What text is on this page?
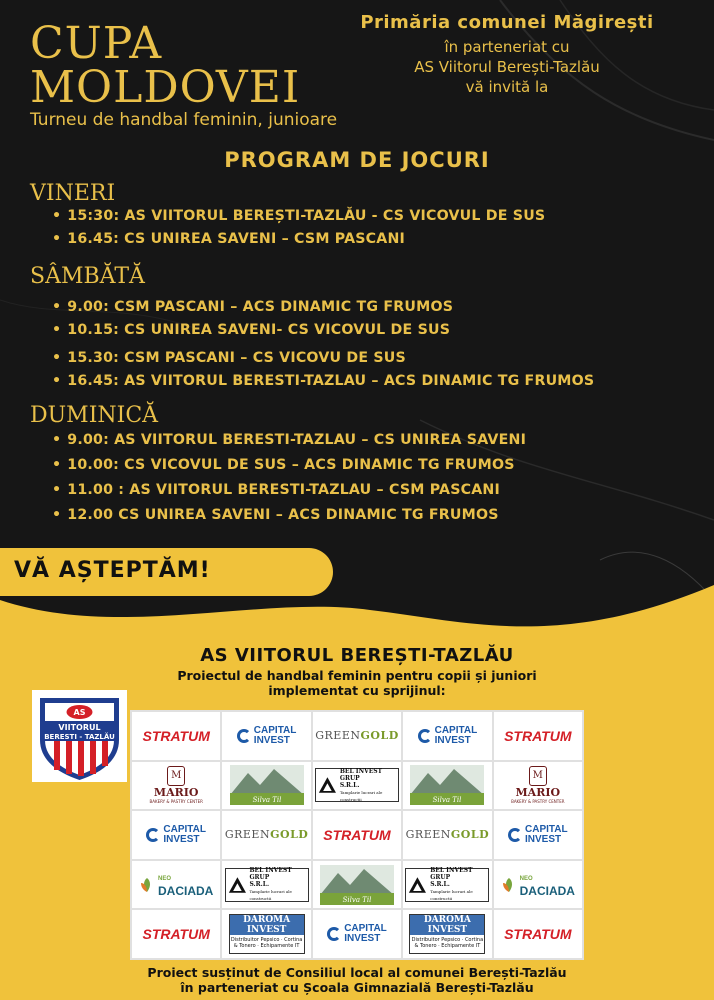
CUPA
MOLDOVEI
Turneu de handbal feminin, junioare
Primăria comunei Măgirești
în parteneriat cu
AS Viitorul Berești-Tazlău
vă invită la
PROGRAM DE JOCURI
VINERI
• 15:30: AS VIITORUL BEREȘTI-TAZLĂU - CS VICOVUL DE SUS
• 16.45: CS UNIREA SAVENI – CSM PASCANI
SÂMBĂTĂ
• 9.00: CSM PASCANI – ACS DINAMIC TG FRUMOS
• 10.15: CS UNIREA SAVENI- CS VICOVUL DE SUS
• 15.30: CSM PASCANI – CS VICOVU DE SUS
• 16.45: AS VIITORUL BERESTI-TAZLAU – ACS DINAMIC TG FRUMOS
DUMINICĂ
• 9.00: AS VIITORUL BERESTI-TAZLAU – CS UNIREA SAVENI
• 10.00: CS VICOVUL DE SUS – ACS DINAMIC TG FRUMOS
• 11.00 : AS VIITORUL BERESTI-TAZLAU – CSM PASCANI
• 12.00 CS UNIREA SAVENI – ACS DINAMIC TG FRUMOS
VĂ AȘTEPTĂM!
AS VIITORUL BEREȘTI-TAZLĂU
Proiectul de handbal feminin pentru copii și juniori
implementat cu sprijinul:
AS
VIITORUL
BERESTI - TAZLĂU STRATUM	CAPITAL
INVEST	GREENGOLD	CAPITAL
INVEST	STRATUM
M
MARIO
BAKERY & PASTRY CENTER	Silva Til
BEL INVEST GRUP
S.R.L.
Tamplarie lucrari ale constructii	Silva Til
M
MARIO
BAKERY & PASTRY CENTER
CAPITAL
INVEST	GREENGOLD STRATUM GREENGOLD	CAPITAL
INVEST
NEO
DACIADA
BEL INVEST GRUP
S.R.L.
Tamplarie lucrari ale constructii	Silva Til
BEL INVEST GRUP
S.R.L.
Tamplarie lucrari ale constructii
NEO
DACIADA
STRATUM
DAROMA INVEST
Distribuitor Pepsico · Cortina & Tonero · Echipamente IT
CAPITAL
INVEST
DAROMA INVEST
Distribuitor Pepsico · Cortina & Tonero · Echipamente IT
STRATUM
Proiect susținut de Consiliul local al comunei Berești-Tazlău
în parteneriat cu Școala Gimnazială Berești-Tazlău
